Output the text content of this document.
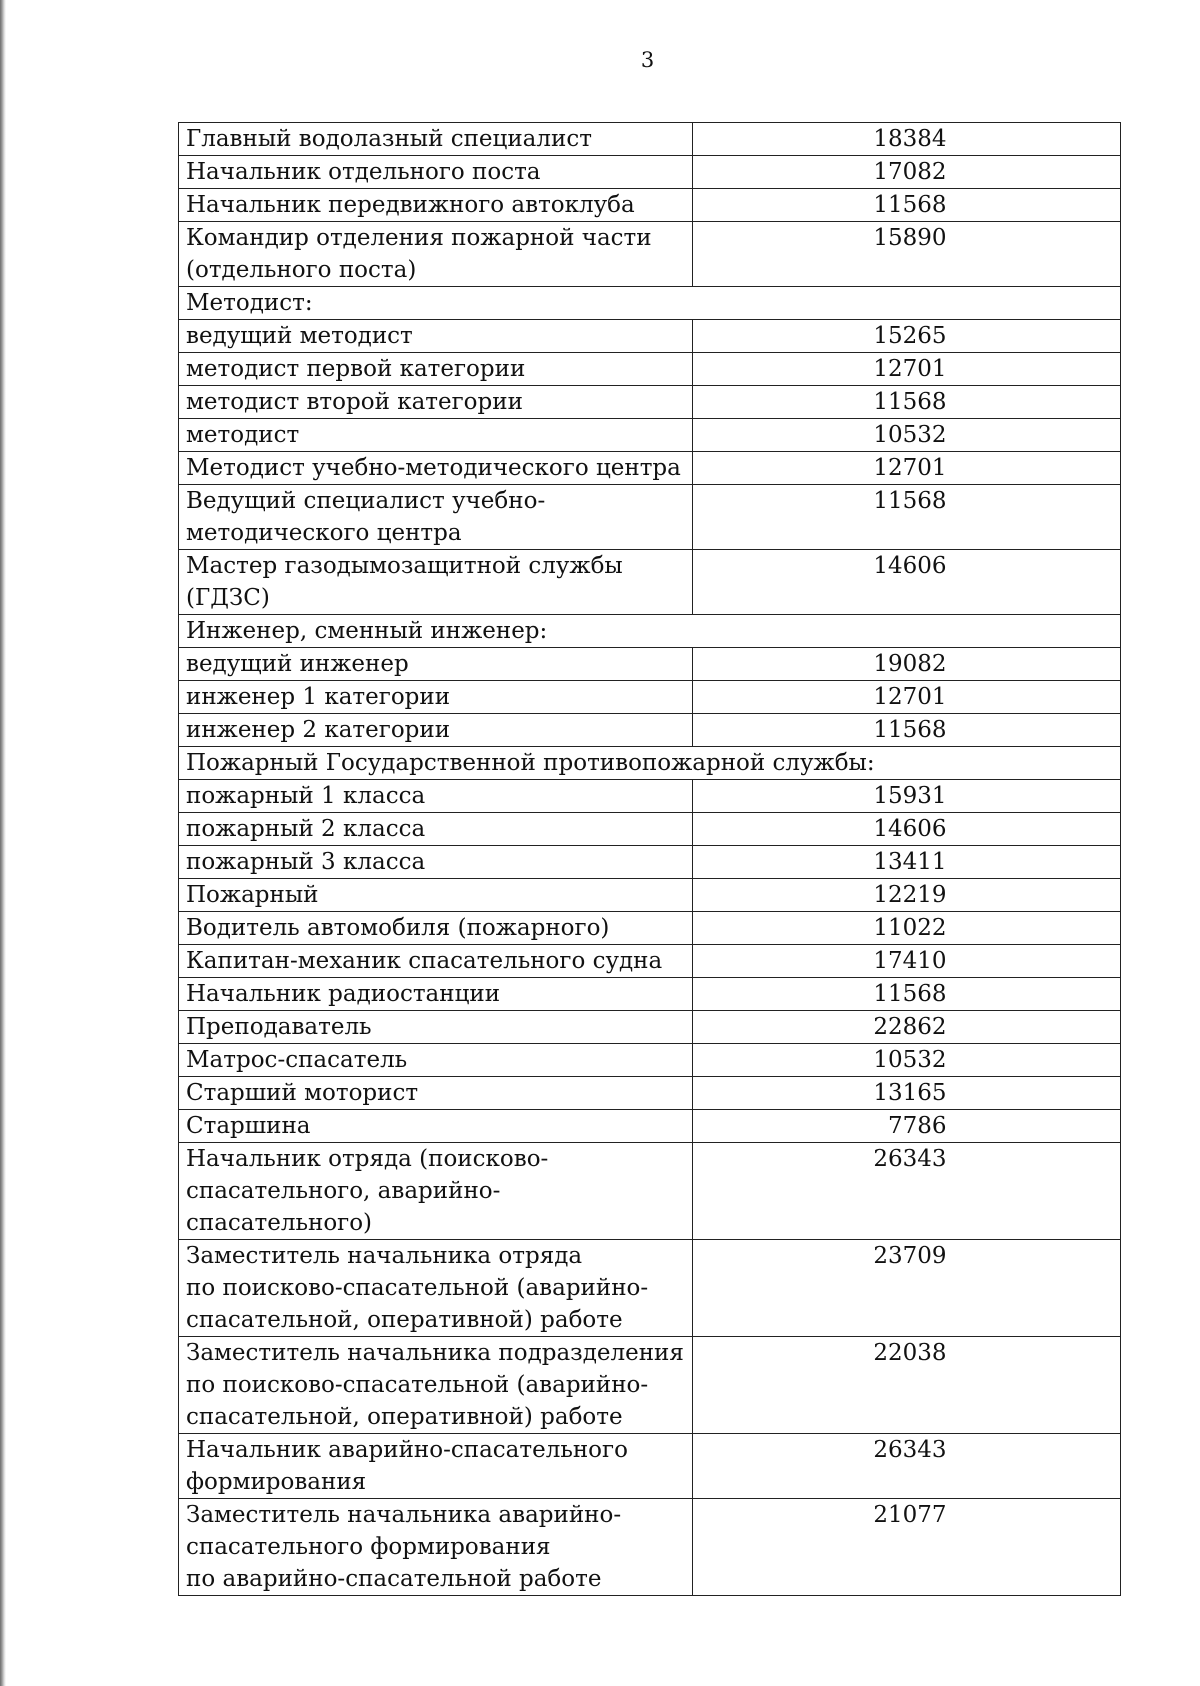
3
Главный водолазный специалист	18384
Начальник отдельного поста	17082
Начальник передвижного автоклуба	11568
Командир отделения пожарной части
(отдельного поста)	15890
Методист:	
ведущий методист	15265
методист первой категории	12701
методист второй категории	11568
методист	10532
Методист учебно-методического центра	12701
Ведущий специалист учебно-
методического центра	11568
Мастер газодымозащитной службы
(ГДЗС)	14606
Инженер, сменный инженер:	
ведущий инженер	19082
инженер 1 категории	12701
инженер 2 категории	11568
Пожарный Государственной противопожарной службы:	
пожарный 1 класса	15931
пожарный 2 класса	14606
пожарный 3 класса	13411
Пожарный	12219
Водитель автомобиля (пожарного)	11022
Капитан-механик спасательного судна	17410
Начальник радиостанции	11568
Преподаватель	22862
Матрос-спасатель	10532
Старший моторист	13165
Старшина	7786
Начальник отряда (поисково-
спасательного, аварийно-спасательного)	26343
Заместитель начальника отряда
по поисково-спасательной (аварийно-
спасательной, оперативной) работе	23709
Заместитель начальника подразделения
по поисково-спасательной (аварийно-
спасательной, оперативной) работе	22038
Начальник аварийно-спасательного
формирования	26343
Заместитель начальника аварийно-
спасательного формирования
по аварийно-спасательной работе	21077
